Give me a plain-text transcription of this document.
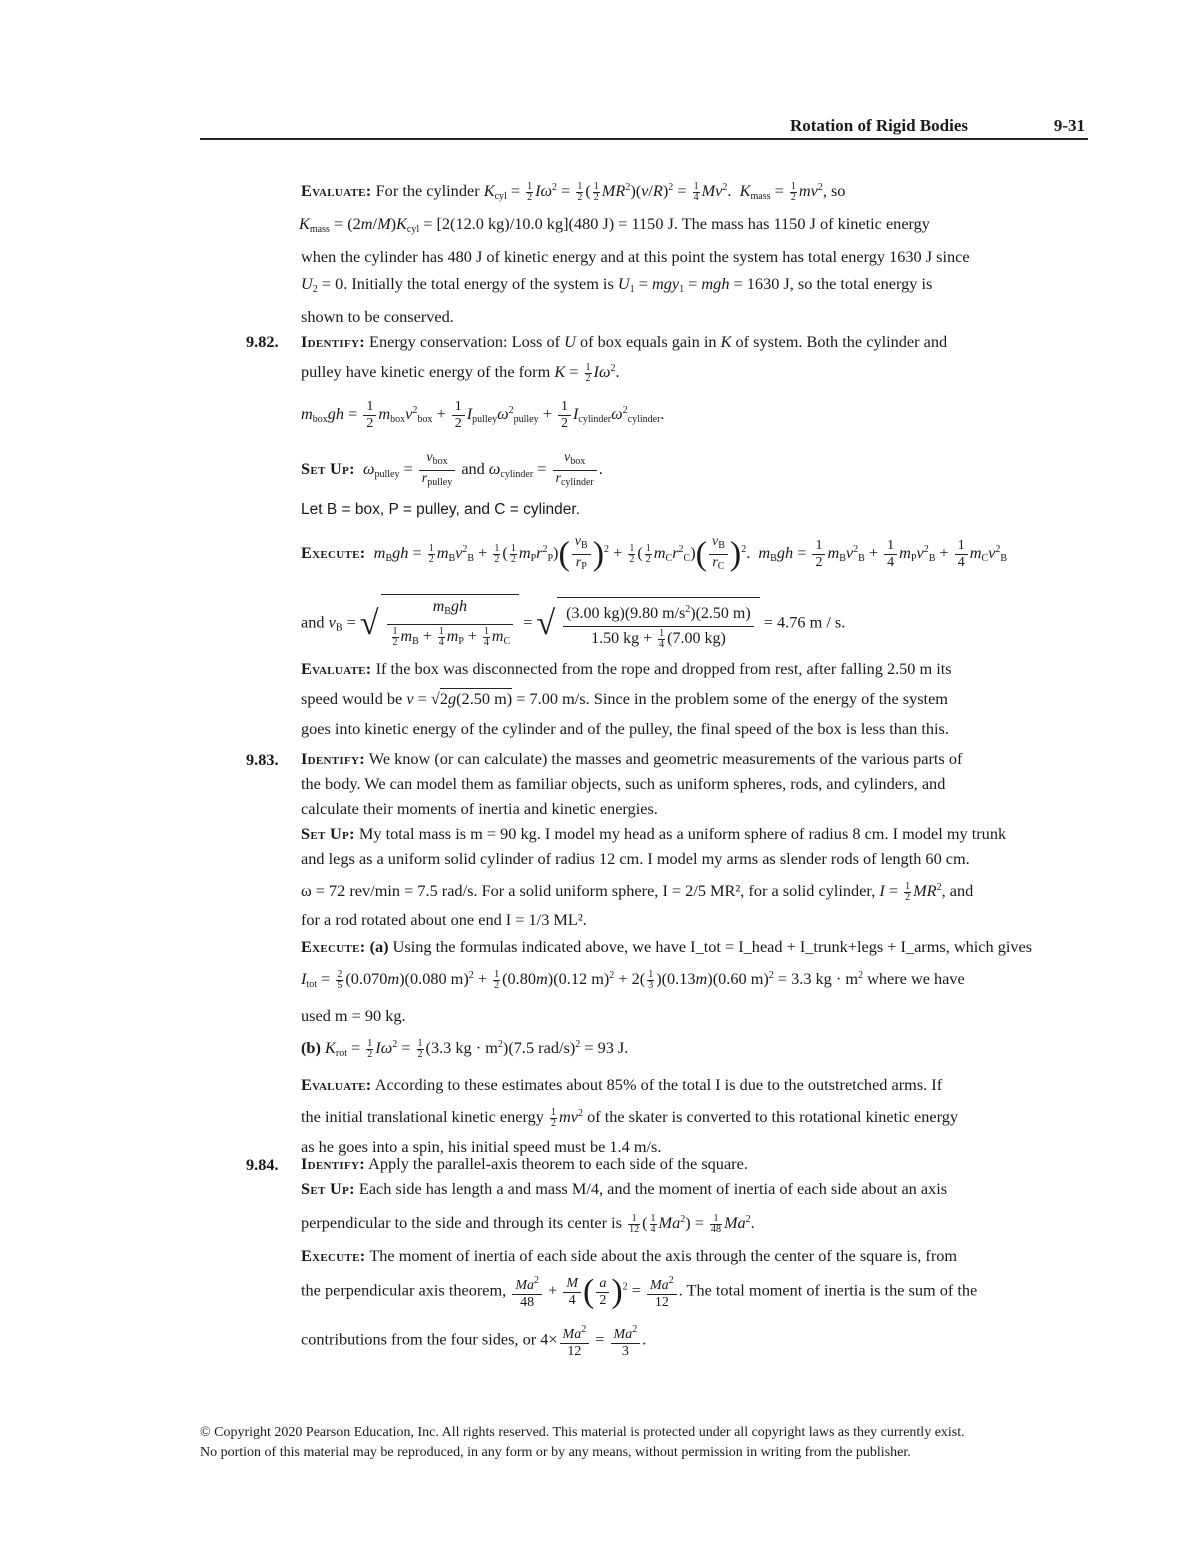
Rotation of Rigid Bodies	9-31
Evaluate: For the cylinder $K_{cyl} = \frac{1}{2} I\omega^2 = \frac{1}{2}$ ( $\frac{1}{2} MR^2)(v/R)^2 = \frac{1}{4} Mv^2$.  $K_{mass} = \frac{1}{2} mv^2$, so
$K_{mass} = (2m/M)K_{cyl} = [2(12.0$ kg)/10.0 kg](480 J) = 1150 J. The mass has 1150 J of kinetic energy
when the cylinder has 480 J of kinetic energy and at this point the system has total energy 1630 J since
$U_2 = 0$. Initially the total energy of the system is $U_1 = mgy_1$ = mgh = 1630 J, so the total energy is
shown to be conserved.
9.82. Identify: Energy conservation: Loss of U of box equals gain in K of system. Both the cylinder and
pulley have kinetic energy of the form $K = \frac{1}{2} I\omega^2$.
$m_{box}gh = \frac{1}{2} m_{box}v^2_{box} + \frac{1}{2} I_{pulley}\omega^2_{pulley} + \frac{1}{2} I_{cylinder}\omega^2_{cylinder}$.
Set Up: $\omega_{pulley} = \frac{v_{box}}{r_{pulley}}$ and $\omega_{cylinder} = \frac{v_{box}}{r_{cylinder}}$ .
Let B = box, P = pulley, and C = cylinder.
Execute: $m_Bgh = \frac{1}{2} m_Bv^2_B + \frac{1}{2}$ ( $\frac{1}{2} m_Pr^2_P)( \frac{v_B}{r_P} )^2 + \frac{1}{2}$ ( $\frac{1}{2} m_Cr^2_C)( \frac{v_B}{r_C} )^2$.  $m_Bgh = \frac{1}{2} m_Bv^2_B + \frac{1}{4} m_Pv^2_B + \frac{1}{4} m_Cv^2_B$
and $v_B$ = √ $\frac{m_Bgh}{\frac{1}{2} m_B + \frac{1}{4} m_P + \frac{1}{4} m_C}$ = √ $\frac{(3.00 kg)(9.80 m/s^2)(2.50 m)}{1.50 kg + \frac{1}{4} (7.00 kg)} = 4.76$ m / s.
Evaluate: If the box was disconnected from the rope and dropped from rest, after falling 2.50 m its
speed would be v = √2g(2.50 m) = 7.00 m/s. Since in the problem some of the energy of the system
goes into kinetic energy of the cylinder and of the pulley, the final speed of the box is less than this.
9.83. Identify: We know (or can calculate) the masses and geometric measurements of the various parts of
the body. We can model them as familiar objects, such as uniform spheres, rods, and cylinders, and
calculate their moments of inertia and kinetic energies.
Set Up: My total mass is m = 90 kg. I model my head as a uniform sphere of radius 8 cm. I model my trunk
and legs as a uniform solid cylinder of radius 12 cm. I model my arms as slender rods of length 60 cm.
ω = 72 rev/min = 7.5 rad/s. For a solid uniform sphere, I = 2/5 MR², for a solid cylinder, $I = \frac{1}{2} MR^2$, and
for a rod rotated about one end I = 1/3 ML².
Execute: (a) Using the formulas indicated above, we have I_tot = I_head + I_trunk+legs + I_arms, which gives
$I_{tot} = \frac{2}{5} (0.070m)(0.080$ $m)^2 + \frac{1}{2} (0.80m)(0.12$ $m)^2 + 2( \frac{1}{3} )(0.13m)(0.60$ m)$^2$ = 3.3 kg · $m^2$ where we have
used m = 90 kg.
(b) $K_{rot} = \frac{1}{2} I\omega^2 = \frac{1}{2} (3.3$ kg · $m^2)(7.5$ rad/s)$^2$ = 93 J.
Evaluate: According to these estimates about 85% of the total I is due to the outstretched arms. If
the initial translational kinetic energy $\frac{1}{2} mv^2$ of the skater is converted to this rotational kinetic energy
as he goes into a spin, his initial speed must be 1.4 m/s.
9.84. Identify: Apply the parallel-axis theorem to each side of the square.
Set Up: Each side has length a and mass M/4, and the moment of inertia of each side about an axis
perpendicular to the side and through its center is $\frac{1}{12}$ ( $\frac{1}{4} Ma^2) = \frac{1}{48} Ma^2$.
Execute: The moment of inertia of each side about the axis through the center of the square is, from
the perpendicular axis theorem, $\frac{Ma^2}{48} + \frac{M}{4}$ ( $\frac{a}{2} )^2 = \frac{Ma^2}{12}$ . The total moment of inertia is the sum of the
contributions from the four sides, or $4\times \frac{Ma^2}{12} = \frac{Ma^2}{3}$ .
© Copyright 2020 Pearson Education, Inc. All rights reserved. This material is protected under all copyright laws as they currently exist.
No portion of this material may be reproduced, in any form or by any means, without permission in writing from the publisher.
